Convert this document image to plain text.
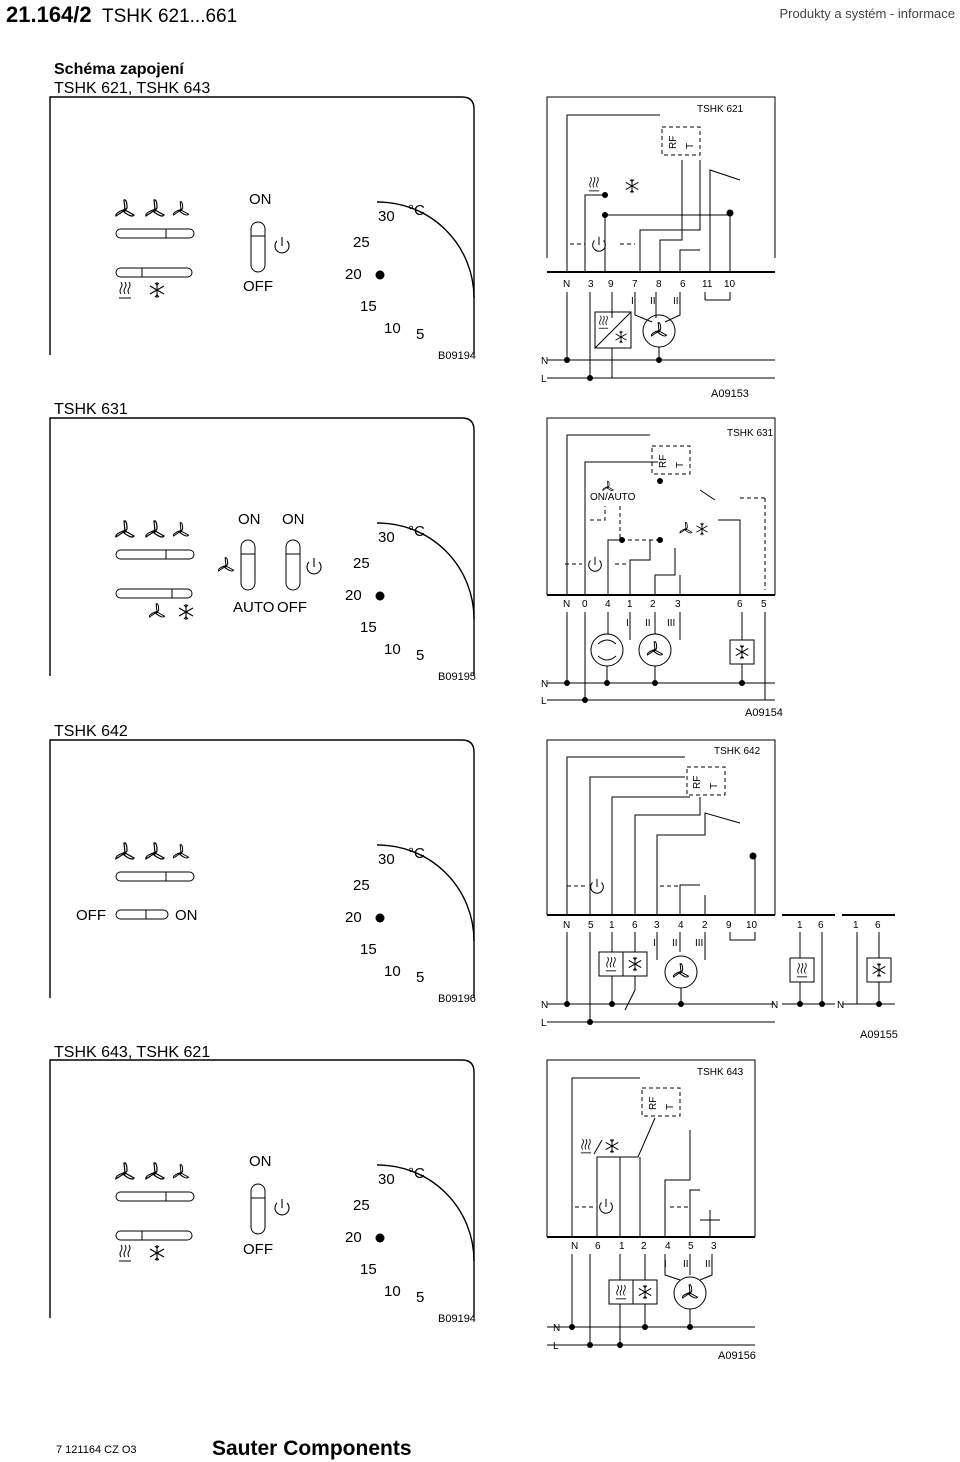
21.164/2 TSHK 621...661	Produkty a systém - informace
Schéma zapojení
TSHK 621, TSHK 643
ON
OFF
30 °C
25
20
15
10 5
B09194
TSHK 621
RF T
N 3 9 7 8 6 11 10
I II III
N
L
A09153
TSHK 631
ON ON
AUTO OFF
30 °C
25
20
15
10 5
B09195
TSHK 631
RF T
ON/AUTO
N 0 4 1 2 3	6 5
I II III
N
L
A09154
TSHK 642
OFF	ON
30 °C
25
20
15
10 5
B09196
TSHK 642
RF T
N 5 1 6 3 4 2 9 10	1 6	1 6
I II III
N
L
N	N
A09155
TSHK 643, TSHK 621
ON
OFF
30 °C
25
20
15
10 5
B09194
TSHK 643
RF T
N 6 1 2 4 5 3
I II III
N
L
A09156
7 121164 CZ O3	Sauter Components
